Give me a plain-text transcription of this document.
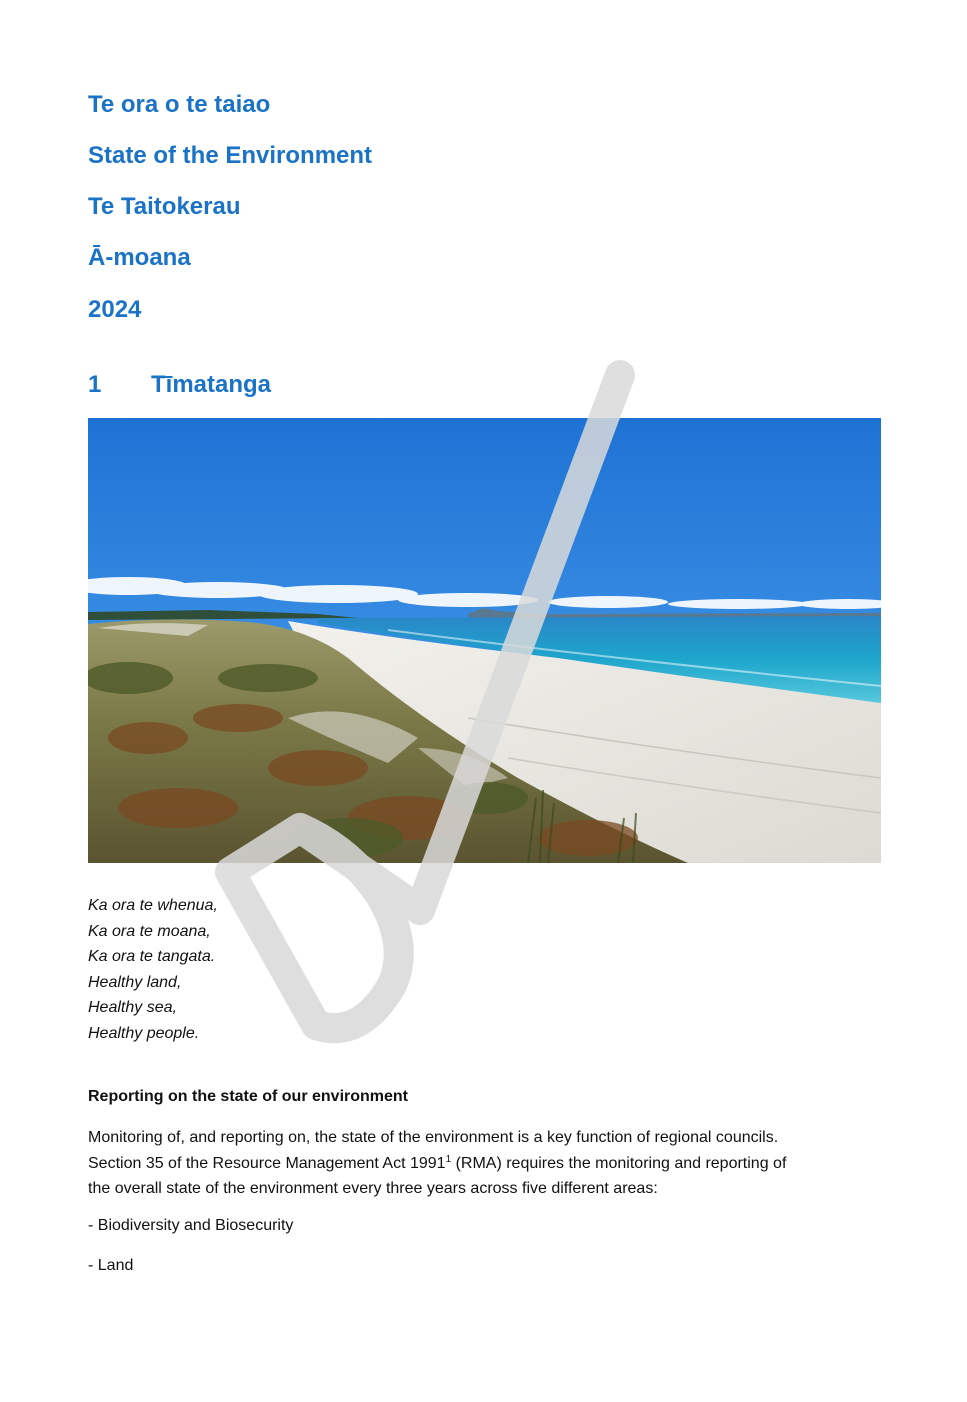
Te ora o te taiao
State of the Environment
Te Taitokerau
Ā-moana
2024
1 Tīmatanga
Ka ora te whenua,
Ka ora te moana,
Ka ora te tangata.
Healthy land,
Healthy sea,
Healthy people.
Reporting on the state of our environment
Monitoring of, and reporting on, the state of the environment is a key function of regional councils.
Section 35 of the Resource Management Act 1991$^1$ (RMA) requires the monitoring and reporting of
the overall state of the environment every three years across five different areas:
- Biodiversity and Biosecurity
- Land
